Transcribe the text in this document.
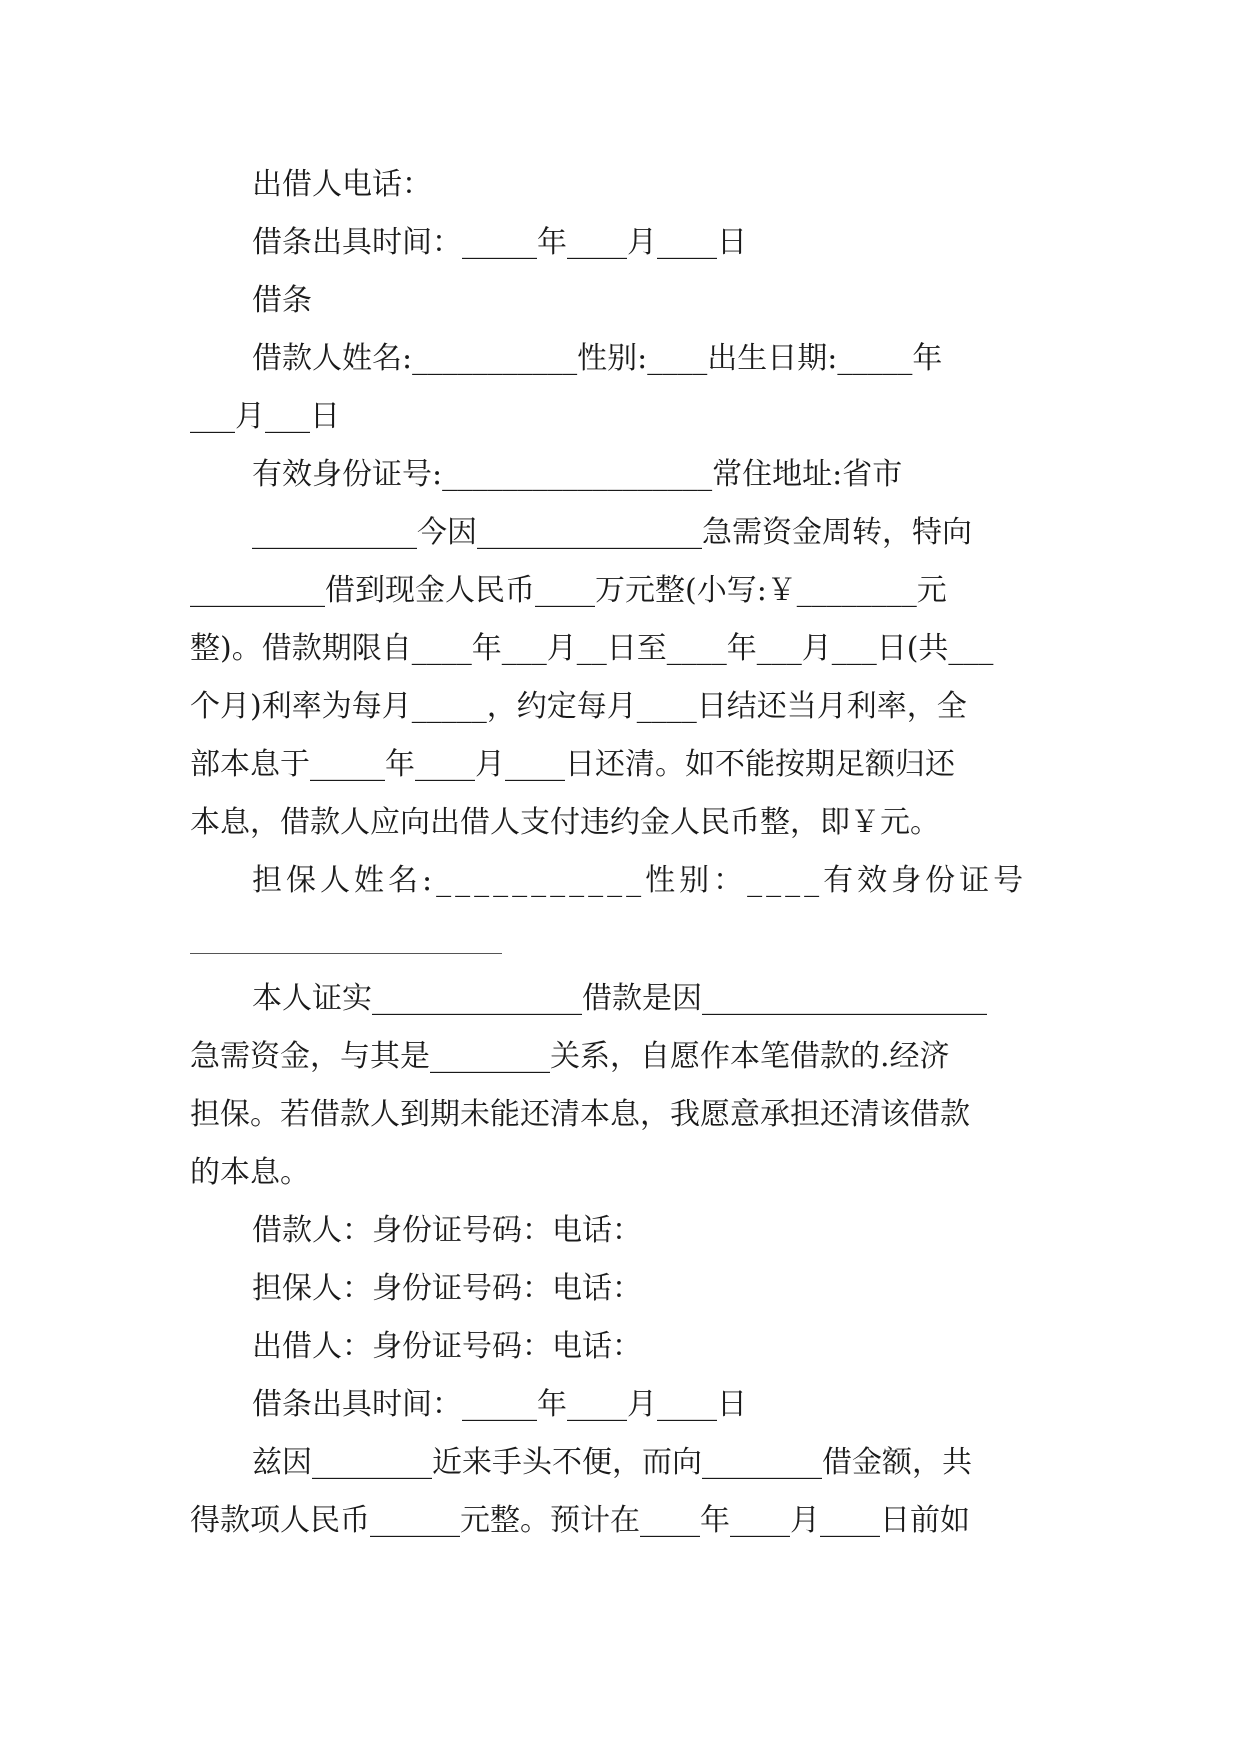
出借人电话：
借条出具时间：_____年____月____日
借条
借款人姓名:___________性别:____出生日期:_____年
___月___日
有效身份证号:__________________常住地址:省市
___________今因_______________急需资金周转，特向
_________借到现金人民币____万元整(小写:￥________元
整)。借款期限自____年___月__日至____年___月___日(共___
个月)利率为每月_____，约定每月____日结还当月利率，全
部本息于_____年____月____日还清。如不能按期足额归还
本息，借款人应向出借人支付违约金人民币整，即￥元。
担保人姓名:___________性别：____有效身份证号
本人证实______________借款是因___________________
急需资金，与其是________关系，自愿作本笔借款的.经济
担保。若借款人到期未能还清本息，我愿意承担还清该借款
的本息。
借款人：身份证号码：电话：
担保人：身份证号码：电话：
出借人：身份证号码：电话：
借条出具时间：_____年____月____日
兹因________近来手头不便，而向________借金额，共
得款项人民币______元整。预计在____年____月____日前如
